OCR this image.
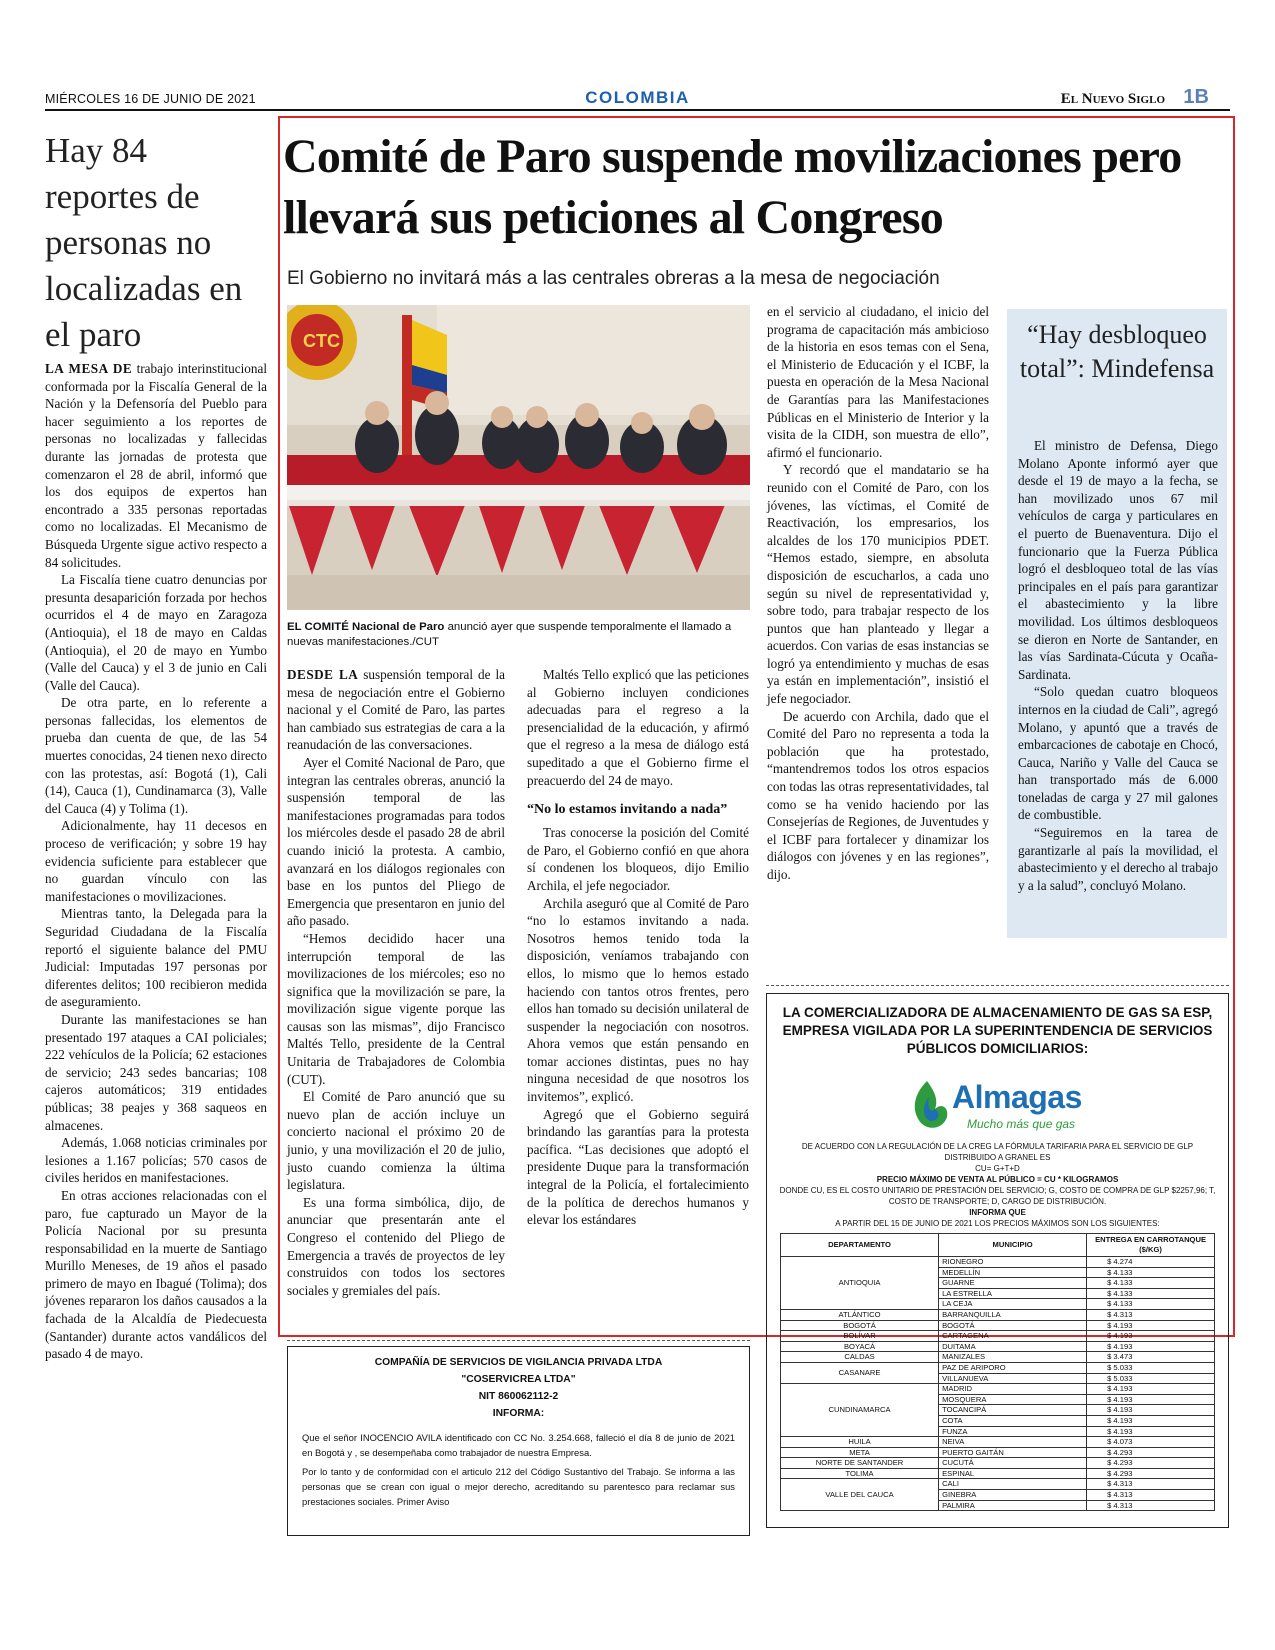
MIÉRCOLES 16 DE JUNIO DE 2021	COLOMBIA	El Nuevo Siglo 1B
Hay 84 reportes de personas no localizadas en el paro

LA MESA DE trabajo interinstitucional conformada por la Fiscalía General de la Nación y la Defensoría del Pueblo para hacer seguimiento a los reportes de personas no localizadas y fallecidas durante las jornadas de protesta que comenzaron el 28 de abril, informó que los dos equipos de expertos han encontrado a 335 personas reportadas como no localizadas. El Mecanismo de Búsqueda Urgente sigue activo respecto a 84 solicitudes.

La Fiscalía tiene cuatro denuncias por presunta desaparición forzada por hechos ocurridos el 4 de mayo en Zaragoza (Antioquia), el 18 de mayo en Caldas (Antioquia), el 20 de mayo en Yumbo (Valle del Cauca) y el 3 de junio en Cali (Valle del Cauca).

De otra parte, en lo referente a personas fallecidas, los elementos de prueba dan cuenta de que, de las 54 muertes conocidas, 24 tienen nexo directo con las protestas, así: Bogotá (1), Cali (14), Cauca (1), Cundinamarca (3), Valle del Cauca (4) y Tolima (1).

Adicionalmente, hay 11 decesos en proceso de verificación; y sobre 19 hay evidencia suficiente para establecer que no guardan vínculo con las manifestaciones o movilizaciones.

Mientras tanto, la Delegada para la Seguridad Ciudadana de la Fiscalía reportó el siguiente balance del PMU Judicial: Imputadas 197 personas por diferentes delitos; 100 recibieron medida de aseguramiento.

Durante las manifestaciones se han presentado 197 ataques a CAI policiales; 222 vehículos de la Policía; 62 estaciones de servicio; 243 sedes bancarias; 108 cajeros automáticos; 319 entidades públicas; 38 peajes y 368 saqueos en almacenes.

Además, 1.068 noticias criminales por lesiones a 1.167 policías; 570 casos de civiles heridos en manifestaciones.

En otras acciones relacionadas con el paro, fue capturado un Mayor de la Policía Nacional por su presunta responsabilidad en la muerte de Santiago Murillo Meneses, de 19 años el pasado primero de mayo en Ibagué (Tolima); dos jóvenes repararon los daños causados a la fachada de la Alcaldía de Piedecuesta (Santander) durante actos vandálicos del pasado 4 de mayo.

Comité de Paro suspende movilizaciones pero llevará sus peticiones al Congreso
El Gobierno no invitará más a las centrales obreras a la mesa de negociación
CTC
EL COMITÉ Nacional de Paro anunció ayer que suspende temporalmente el llamado a nuevas manifestaciones./CUT

DESDE LA suspensión temporal de la mesa de negociación entre el Gobierno nacional y el Comité de Paro, las partes han cambiado sus estrategias de cara a la reanudación de las conversaciones.

Ayer el Comité Nacional de Paro, que integran las centrales obreras, anunció la suspensión temporal de las manifestaciones programadas para todos los miércoles desde el pasado 28 de abril cuando inició la protesta. A cambio, avanzará en los diálogos regionales con base en los puntos del Pliego de Emergencia que presentaron en junio del año pasado.

“Hemos decidido hacer una interrupción temporal de las movilizaciones de los miércoles; eso no significa que la movilización se pare, la movilización sigue vigente porque las causas son las mismas”, dijo Francisco Maltés Tello, presidente de la Central Unitaria de Trabajadores de Colombia (CUT).

El Comité de Paro anunció que su nuevo plan de acción incluye un concierto nacional el próximo 20 de junio, y una movilización el 20 de julio, justo cuando comienza la última legislatura.

Es una forma simbólica, dijo, de anunciar que presentarán ante el Congreso el contenido del Pliego de Emergencia a través de proyectos de ley construidos con todos los sectores sociales y gremiales del país.

Maltés Tello explicó que las peticiones al Gobierno incluyen condiciones adecuadas para el regreso a la presencialidad de la educación, y afirmó que el regreso a la mesa de diálogo está supeditado a que el Gobierno firme el preacuerdo del 24 de mayo.

“No lo estamos invitando a nada”

Tras conocerse la posición del Comité de Paro, el Gobierno confió en que ahora sí condenen los bloqueos, dijo Emilio Archila, el jefe negociador.

Archila aseguró que al Comité de Paro “no lo estamos invitando a nada. Nosotros hemos tenido toda la disposición, veníamos trabajando con ellos, lo mismo que lo hemos estado haciendo con tantos otros frentes, pero ellos han tomado su decisión unilateral de suspender la negociación con nosotros. Ahora vemos que están pensando en tomar acciones distintas, pues no hay ninguna necesidad de que nosotros los invitemos”, explicó.

Agregó que el Gobierno seguirá brindando las garantías para la protesta pacífica. “Las decisiones que adoptó el presidente Duque para la transformación integral de la Policía, el fortalecimiento de la política de derechos humanos y elevar los estándares

en el servicio al ciudadano, el inicio del programa de capacitación más ambicioso de la historia en esos temas con el Sena, el Ministerio de Educación y el ICBF, la puesta en operación de la Mesa Nacional de Garantías para las Manifestaciones Públicas en el Ministerio de Interior y la visita de la CIDH, son muestra de ello”, afirmó el funcionario.

Y recordó que el mandatario se ha reunido con el Comité de Paro, con los jóvenes, las víctimas, el Comité de Reactivación, los empresarios, los alcaldes de los 170 municipios PDET. “Hemos estado, siempre, en absoluta disposición de escucharlos, a cada uno según su nivel de representatividad y, sobre todo, para trabajar respecto de los puntos que han planteado y llegar a acuerdos. Con varias de esas instancias se logró ya entendimiento y muchas de esas ya están en implementación”, insistió el jefe negociador.

De acuerdo con Archila, dado que el Comité del Paro no representa a toda la población que ha protestado, “mantendremos todos los otros espacios con todas las otras representatividades, tal como se ha venido haciendo por las Consejerías de Regiones, de Juventudes y el ICBF para fortalecer y dinamizar los diálogos con jóvenes y en las regiones”, dijo.

“Hay desbloqueo total”: Mindefensa

El ministro de Defensa, Diego Molano Aponte informó ayer que desde el 19 de mayo a la fecha, se han movilizado unos 67 mil vehículos de carga y particulares en el puerto de Buenaventura. Dijo el funcionario que la Fuerza Pública logró el desbloqueo total de las vías principales en el país para garantizar el abastecimiento y la libre movilidad. Los últimos desbloqueos se dieron en Norte de Santander, en las vías Sardinata-Cúcuta y Ocaña- Sardinata.

“Solo quedan cuatro bloqueos internos en la ciudad de Cali”, agregó Molano, y apuntó que a través de embarcaciones de cabotaje en Chocó, Cauca, Nariño y Valle del Cauca se han transportado más de 6.000 toneladas de carga y 27 mil galones de combustible.

“Seguiremos en la tarea de garantizarle al país la movilidad, el abastecimiento y el derecho al trabajo y a la salud”, concluyó Molano.

LA COMERCIALIZADORA DE ALMACENAMIENTO DE GAS SA ESP, EMPRESA VIGILADA POR LA SUPERINTENDENCIA DE SERVICIOS PÚBLICOS DOMICILIARIOS:
Almagas
Mucho más que gas
DE ACUERDO CON LA REGULACIÓN DE LA CREG LA FÓRMULA TARIFARIA PARA EL SERVICIO DE GLP DISTRIBUIDO A GRANEL ES
CU= G+T+D
PRECIO MÁXIMO DE VENTA AL PÚBLICO = CU * KILOGRAMOS
DONDE CU, ES EL COSTO UNITARIO DE PRESTACIÓN DEL SERVICIO; G, COSTO DE COMPRA DE GLP $2257,96; T, COSTO DE TRANSPORTE; D, CARGO DE DISTRIBUCIÓN.
INFORMA QUE
A PARTIR DEL 15 DE JUNIO DE 2021 LOS PRECIOS MÁXIMOS SON LOS SIGUIENTES:
DEPARTAMENTO	MUNICIPIO	ENTREGA EN CARROTANQUE ($/KG)
ANTIOQUIA	RIONEGRO	$ 4.274
	MEDELLÍN	$ 4.133
	GUARNE	$ 4.133
	LA ESTRELLA	$ 4.133
	LA CEJA	$ 4.133
ATLÁNTICO	BARRANQUILLA	$ 4.313
BOGOTÁ	BOGOTÁ	$ 4.193
BOLÍVAR	CARTAGENA	$ 4.193
BOYACÁ	DUITAMA	$ 4.193
CALDAS	MANIZALES	$ 3.473
CASANARE	PAZ DE ARIPORO	$ 5.033
	VILLANUEVA	$ 5.033
CUNDINAMARCA	MADRID	$ 4.193
	MOSQUERA	$ 4.193
	TOCANCIPÁ	$ 4.193
	COTA	$ 4.193
	FUNZA	$ 4.193
HUILA	NEIVA	$ 4.073
META	PUERTO GAITÁN	$ 4.293
NORTE DE SANTANDER	CUCUTÁ	$ 4.293
TOLIMA	ESPINAL	$ 4.293
VALLE DEL CAUCA	CALI	$ 4.313
	GINEBRA	$ 4.313
	PALMIRA	$ 4.313
COMPAÑÍA DE SERVICIOS DE VIGILANCIA PRIVADA LTDA
"COSERVICREA LTDA"
NIT 860062112-2
INFORMA:

Que el señor INOCENCIO AVILA identificado con CC No. 3.254.668, falleció el día 8 de junio de 2021 en Bogotá y , se desempeñaba como trabajador de nuestra Empresa.

Por lo tanto y de conformidad con el articulo 212 del Código Sustantivo del Trabajo. Se informa a las personas que se crean con igual o mejor derecho, acreditando su parentesco para reclamar sus prestaciones sociales. Primer Aviso
